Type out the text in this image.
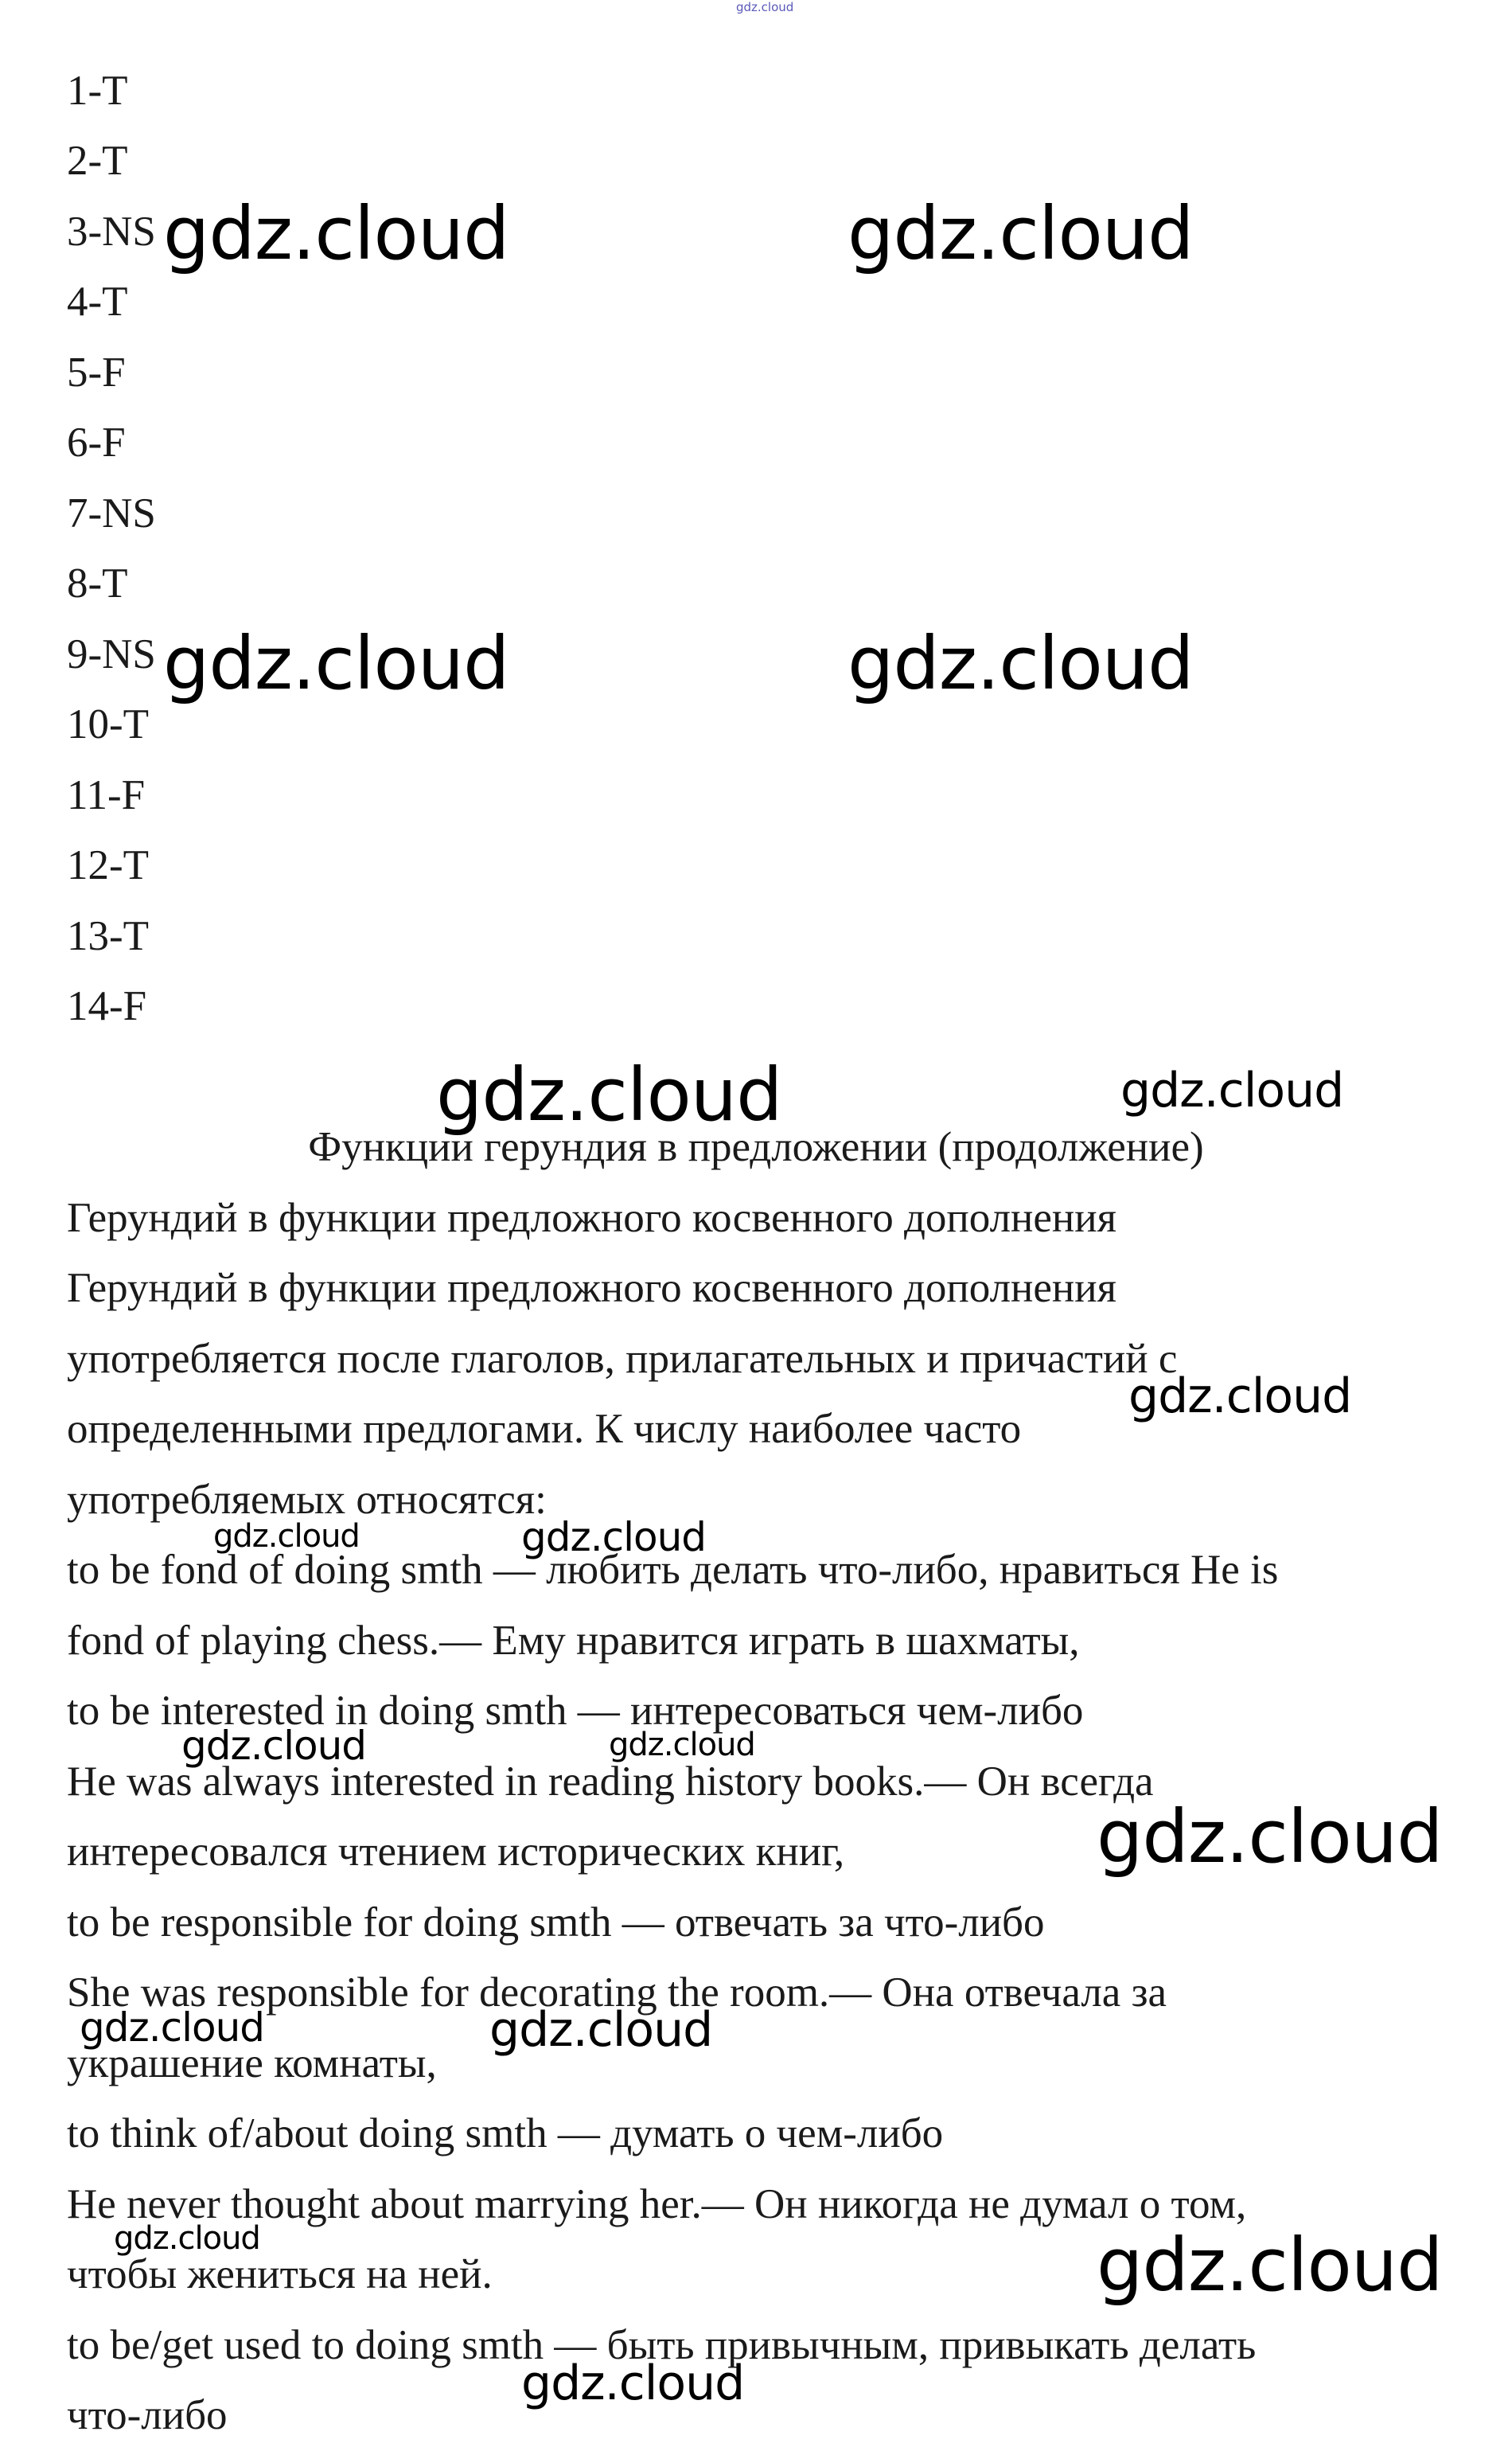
gdz.cloud
1-T
2-T
3-NS
4-T
5-F
6-F
7-NS
8-T
9-NS
10-T
11-F
12-T
13-T
14-F
Функции герундия в предложении (продолжение)
Герундий в функции предложного косвенного дополнения
Герундий в функции предложного косвенного дополнения
употребляется после глаголов, прилагательных и причастий с
определенными предлогами. К числу наиболее часто
употребляемых относятся:
to be fond of doing smth — любить делать что-либо, нравиться He is
fond of playing chess.— Ему нравится играть в шахматы,
to be interested in doing smth — интересоваться чем-либо
He was always interested in reading history books.— Он всегда
интересовался чтением исторических книг,
to be responsible for doing smth — отвечать за что-либо
She was responsible for decorating the room.— Она отвечала за
украшение комнаты,
to think of/about doing smth — думать о чем-либо
He never thought about marrying her.— Он никогда не думал о том,
чтобы жениться на ней.
to be/get used to doing smth — быть привычным, привыкать делать
что-либо
gdz.cloud	gdz.cloud
gdz.cloud	gdz.cloud
gdz.cloud	gdz.cloud
gdz.cloud
gdz.cloud	gdz.cloud
gdz.cloud	gdz.cloud
gdz.cloud
gdz.cloud	gdz.cloud
gdz.cloud	gdz.cloud
gdz.cloud
